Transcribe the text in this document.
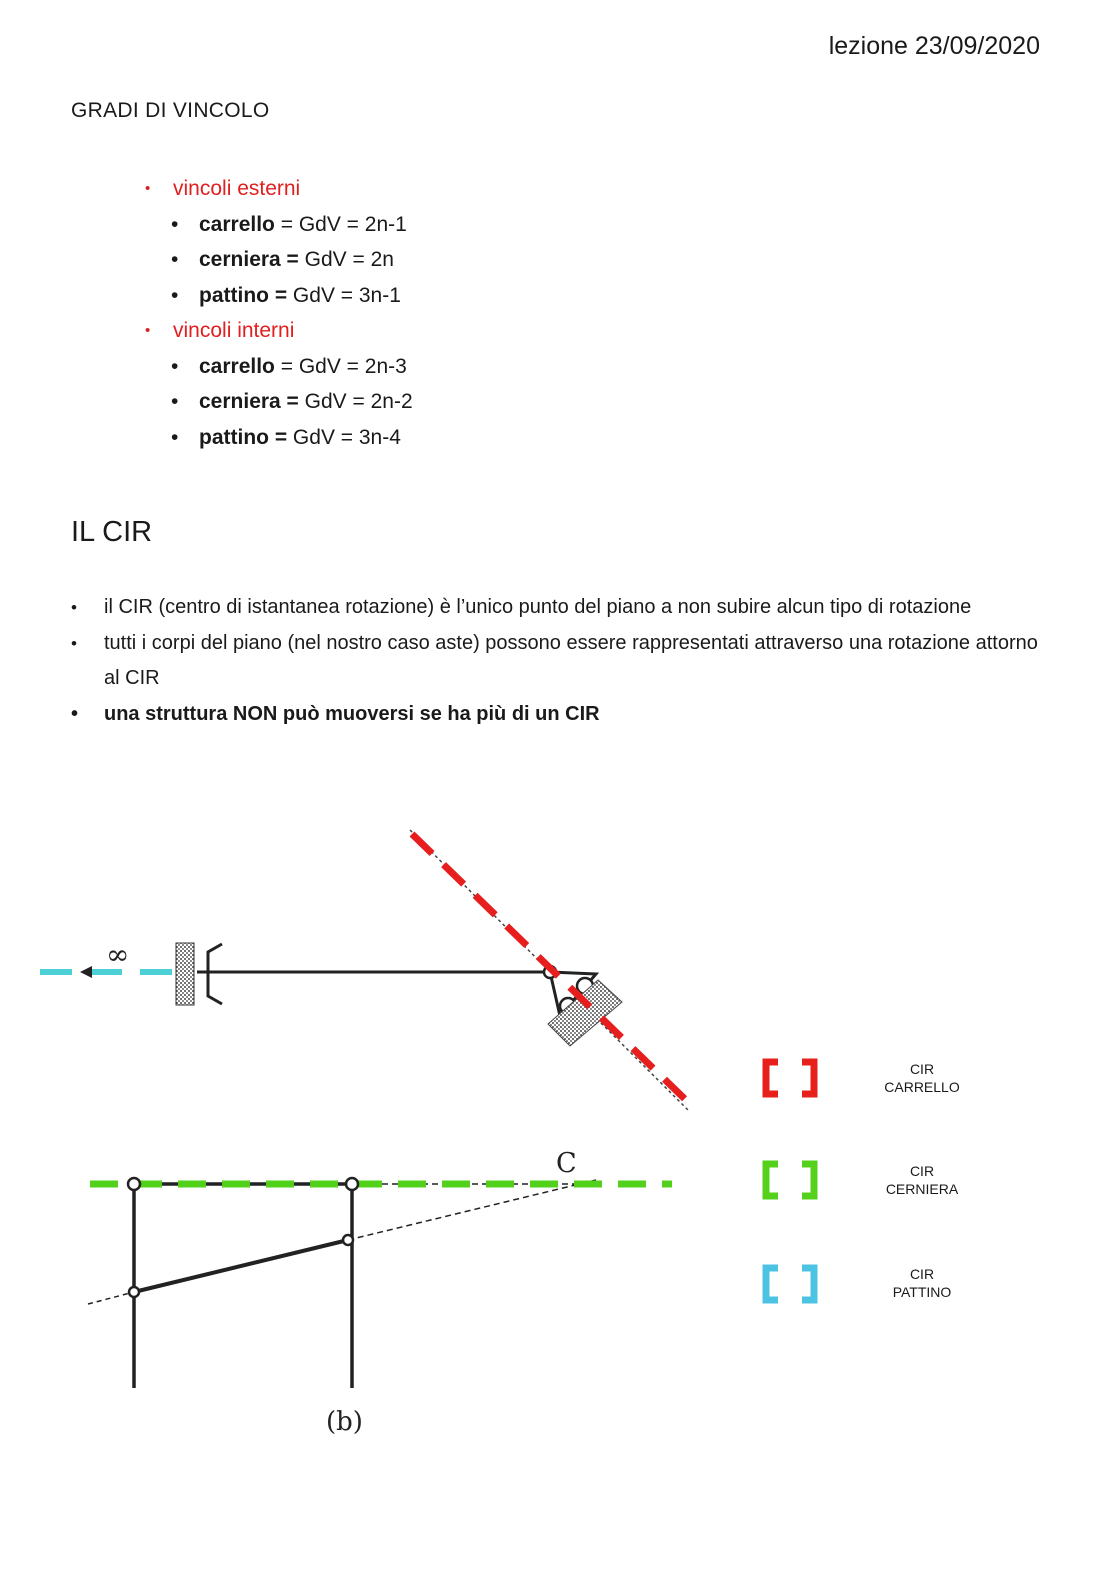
lezione 23/09/2020
GRADI DI VINCOLO
• vincoli esterni
• carrello = GdV = 2n-1
• cerniera = GdV = 2n
• pattino = GdV = 3n-1
• vincoli interni
• carrello = GdV = 2n-3
• cerniera = GdV = 2n-2
• pattino = GdV = 3n-4
IL CIR
• il CIR (centro di istantanea rotazione) è l’unico punto del piano a non subire alcun tipo di rotazione
• tutti i corpi del piano (nel nostro caso aste) possono essere rappresentati attraverso una rotazione attorno al CIR
• una struttura NON può muoversi se ha più di un CIR
∞
C
(b)
CIR
CARRELLO
CIR
CERNIERA
CIR
PATTINO
